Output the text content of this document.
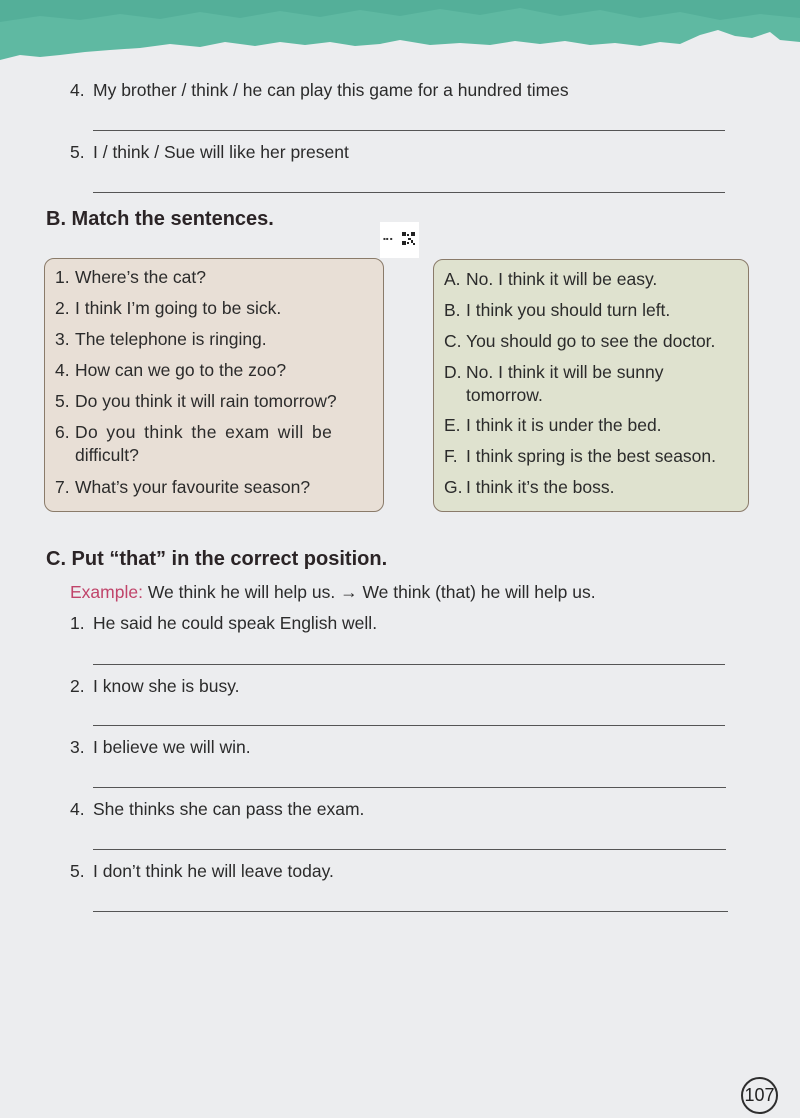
4. My brother / think / he can play this game for a hundred times
5. I / think / Sue will like her present
B. Match the sentences.
▪▪ ▪
1. Where’s the cat?
2. I think I’m going to be sick.
3. The telephone is ringing.
4. How can we go to the zoo?
5. Do you think it will rain tomorrow?
6. Do you think the exam will be
difficult?
7. What’s your favourite season?
A. No. I think it will be easy.
B. I think you should turn left.
C. You should go to see the doctor.
D. No. I think it will be sunny
tomorrow.
E. I think it is under the bed.
F. I think spring is the best season.
G. I think it’s the boss.
C. Put “that” in the correct position.
Example: We think he will help us. → We think (that) he will help us.
1. He said he could speak English well.
2. I know she is busy.
3. I believe we will win.
4. She thinks she can pass the exam.
5. I don’t think he will leave today.
107
